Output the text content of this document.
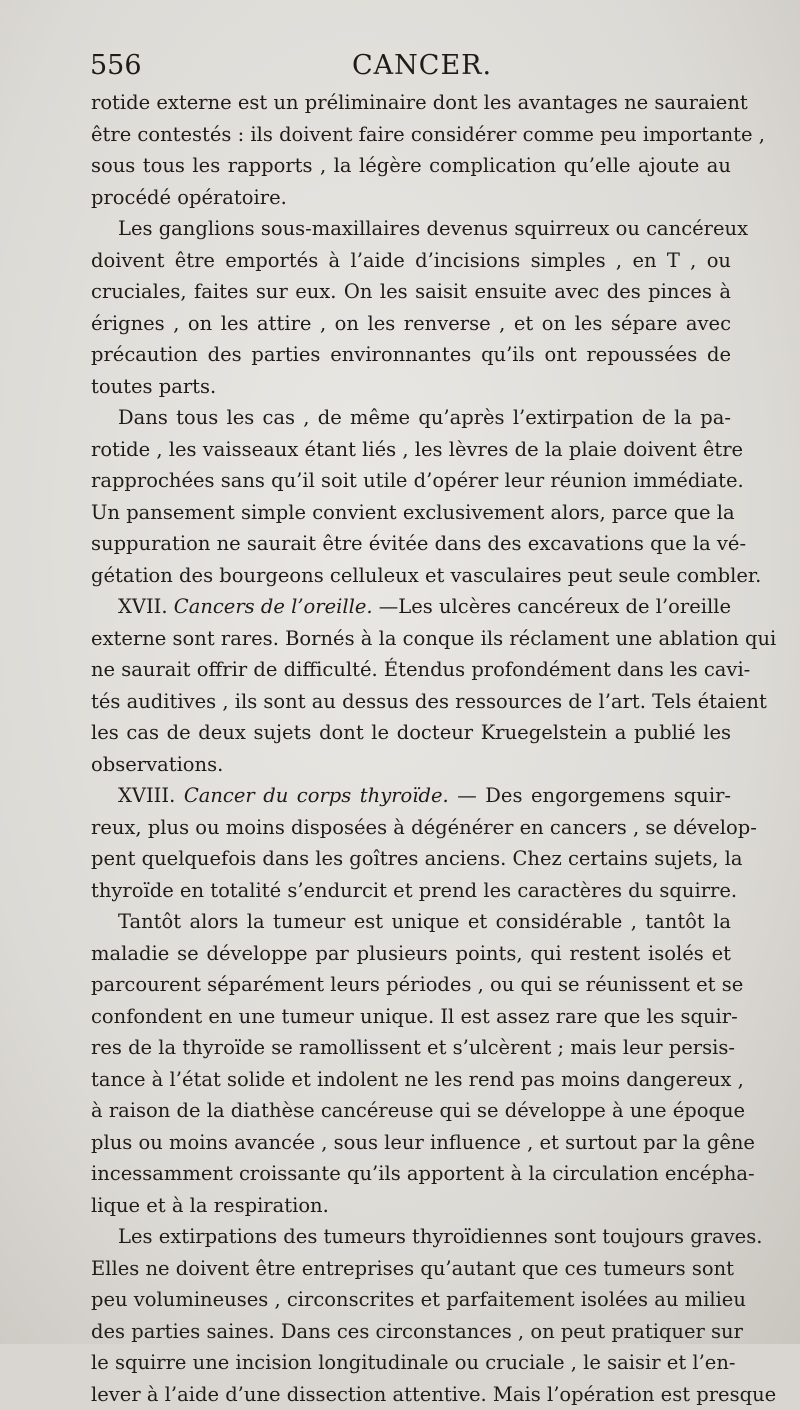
556	CANCER.
rotide externe est un préliminaire dont les avantages ne sauraient
être contestés : ils doivent faire considérer comme peu importante ,
sous tous les rapports , la légère complication qu’elle ajoute au
procédé opératoire.
Les ganglions sous-maxillaires devenus squirreux ou cancéreux
doivent être emportés à l’aide d’incisions simples , en T , ou
cruciales, faites sur eux. On les saisit ensuite avec des pinces à
érignes , on les attire , on les renverse , et on les sépare avec
précaution des parties environnantes qu’ils ont repoussées de
toutes parts.
Dans tous les cas , de même qu’après l’extirpation de la pa-
rotide , les vaisseaux étant liés , les lèvres de la plaie doivent être
rapprochées sans qu’il soit utile d’opérer leur réunion immédiate.
Un pansement simple convient exclusivement alors, parce que la
suppuration ne saurait être évitée dans des excavations que la vé-
gétation des bourgeons celluleux et vasculaires peut seule combler.
XVII. Cancers de l’oreille. —Les ulcères cancéreux de l’oreille
externe sont rares. Bornés à la conque ils réclament une ablation qui
ne saurait offrir de difficulté. Étendus profondément dans les cavi-
tés auditives , ils sont au dessus des ressources de l’art. Tels étaient
les cas de deux sujets dont le docteur Kruegelstein a publié les
observations.
XVIII. Cancer du corps thyroïde. — Des engorgemens squir-
reux, plus ou moins disposées à dégénérer en cancers , se dévelop-
pent quelquefois dans les goîtres anciens. Chez certains sujets, la
thyroïde en totalité s’endurcit et prend les caractères du squirre.
Tantôt alors la tumeur est unique et considérable , tantôt la
maladie se développe par plusieurs points, qui restent isolés et
parcourent séparément leurs périodes , ou qui se réunissent et se
confondent en une tumeur unique. Il est assez rare que les squir-
res de la thyroïde se ramollissent et s’ulcèrent ; mais leur persis-
tance à l’état solide et indolent ne les rend pas moins dangereux ,
à raison de la diathèse cancéreuse qui se développe à une époque
plus ou moins avancée , sous leur influence , et surtout par la gêne
incessamment croissante qu’ils apportent à la circulation encépha-
lique et à la respiration.
Les extirpations des tumeurs thyroïdiennes sont toujours graves.
Elles ne doivent être entreprises qu’autant que ces tumeurs sont
peu volumineuses , circonscrites et parfaitement isolées au milieu
des parties saines. Dans ces circonstances , on peut pratiquer sur
le squirre une incision longitudinale ou cruciale , le saisir et l’en-
lever à l’aide d’une dissection attentive. Mais l’opération est presque
